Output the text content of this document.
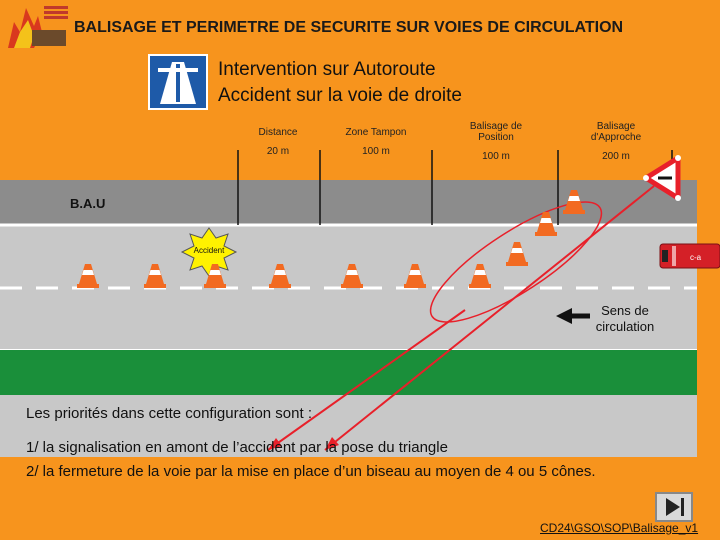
BALISAGE ET PERIMETRE DE SECURITE SUR VOIES DE CIRCULATION
Intervention sur Autoroute
Accident sur la voie de droite
c-a
Distance
20 m
Zone Tampon
100 m
Balisage de Position
100 m
Balisage d'Approche
200 m
B.A.U
Accident
Sens de circulation
Les priorités dans cette configuration sont :
1/ la signalisation en amont de l’accident par la pose du triangle
2/ la fermeture de la voie par la mise en place d’un biseau au moyen de 4 ou 5 cônes.
CD24\GSO\SOP\Balisage_v1
